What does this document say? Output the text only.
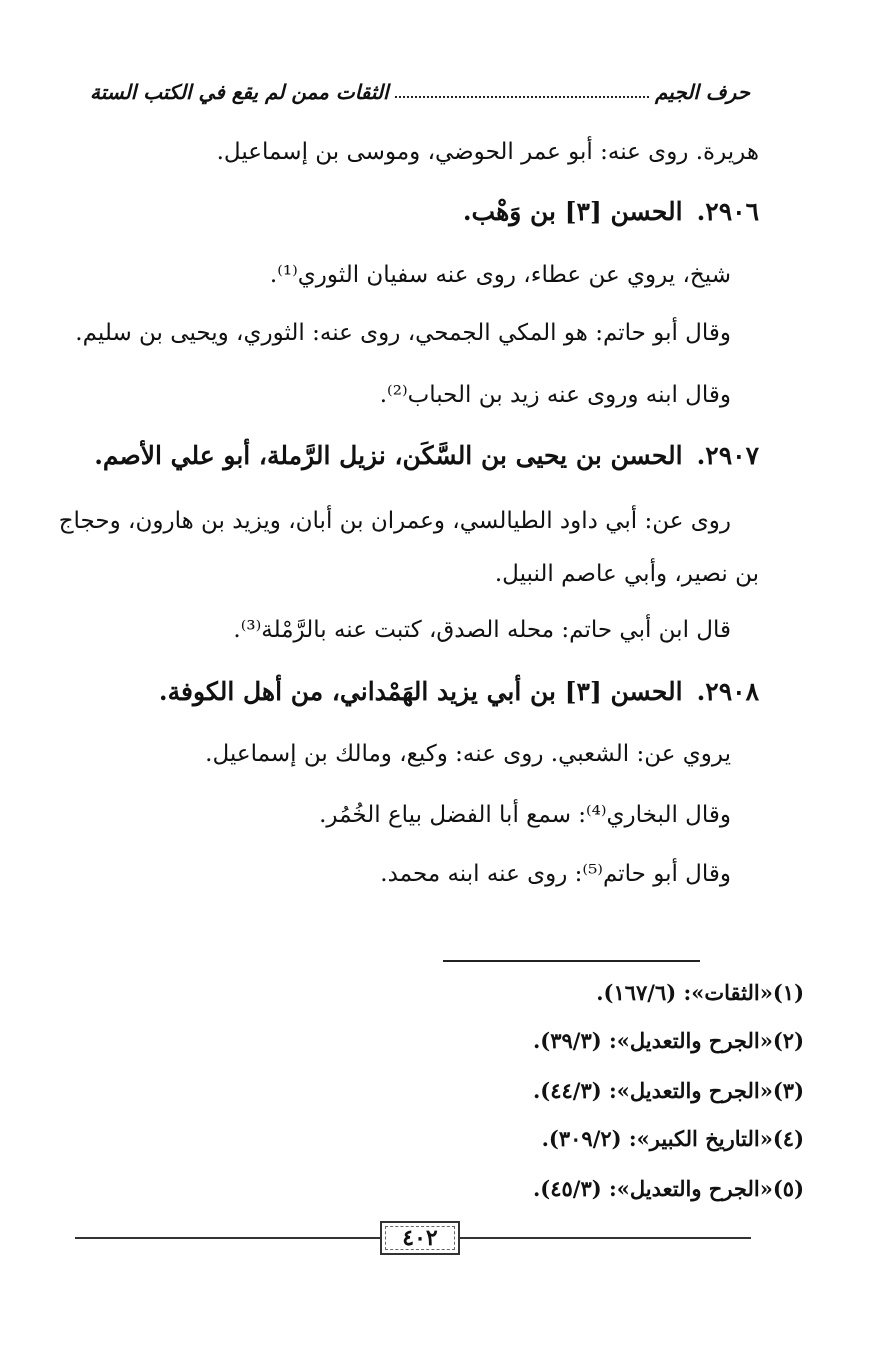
حرف الجيم
الثقات ممن لم يقع في الكتب الستة
هريرة. روى عنه: أبو عمر الحوضي، وموسى بن إسماعيل.
٢٩٠٦.الحسن [٣] بن وَهْب.
شيخ، يروي عن عطاء، روى عنه سفيان الثوري⁽¹⁾.
وقال أبو حاتم: هو المكي الجمحي، روى عنه: الثوري، ويحيى بن سليم.
وقال ابنه وروى عنه زيد بن الحباب⁽²⁾.
٢٩٠٧.الحسن بن يحيى بن السَّكَن، نزيل الرَّملة، أبو علي الأصم.
روى عن: أبي داود الطيالسي، وعمران بن أبان، ويزيد بن هارون، وحجاج
بن نصير، وأبي عاصم النبيل.
قال ابن أبي حاتم: محله الصدق، كتبت عنه بالرَّمْلة⁽³⁾.
٢٩٠٨.الحسن [٣] بن أبي يزيد الهَمْداني، من أهل الكوفة.
يروي عن: الشعبي. روى عنه: وكيع، ومالك بن إسماعيل.
وقال البخاري⁽⁴⁾: سمع أبا الفضل بياع الخُمُر.
وقال أبو حاتم⁽⁵⁾: روى عنه ابنه محمد.
(١)«الثقات»: (١٦٧/٦).
(٢)«الجرح والتعديل»: (٣٩/٣).
(٣)«الجرح والتعديل»: (٤٤/٣).
(٤)«التاريخ الكبير»: (٣٠٩/٢).
(٥)«الجرح والتعديل»: (٤٥/٣).
٤٠٢
